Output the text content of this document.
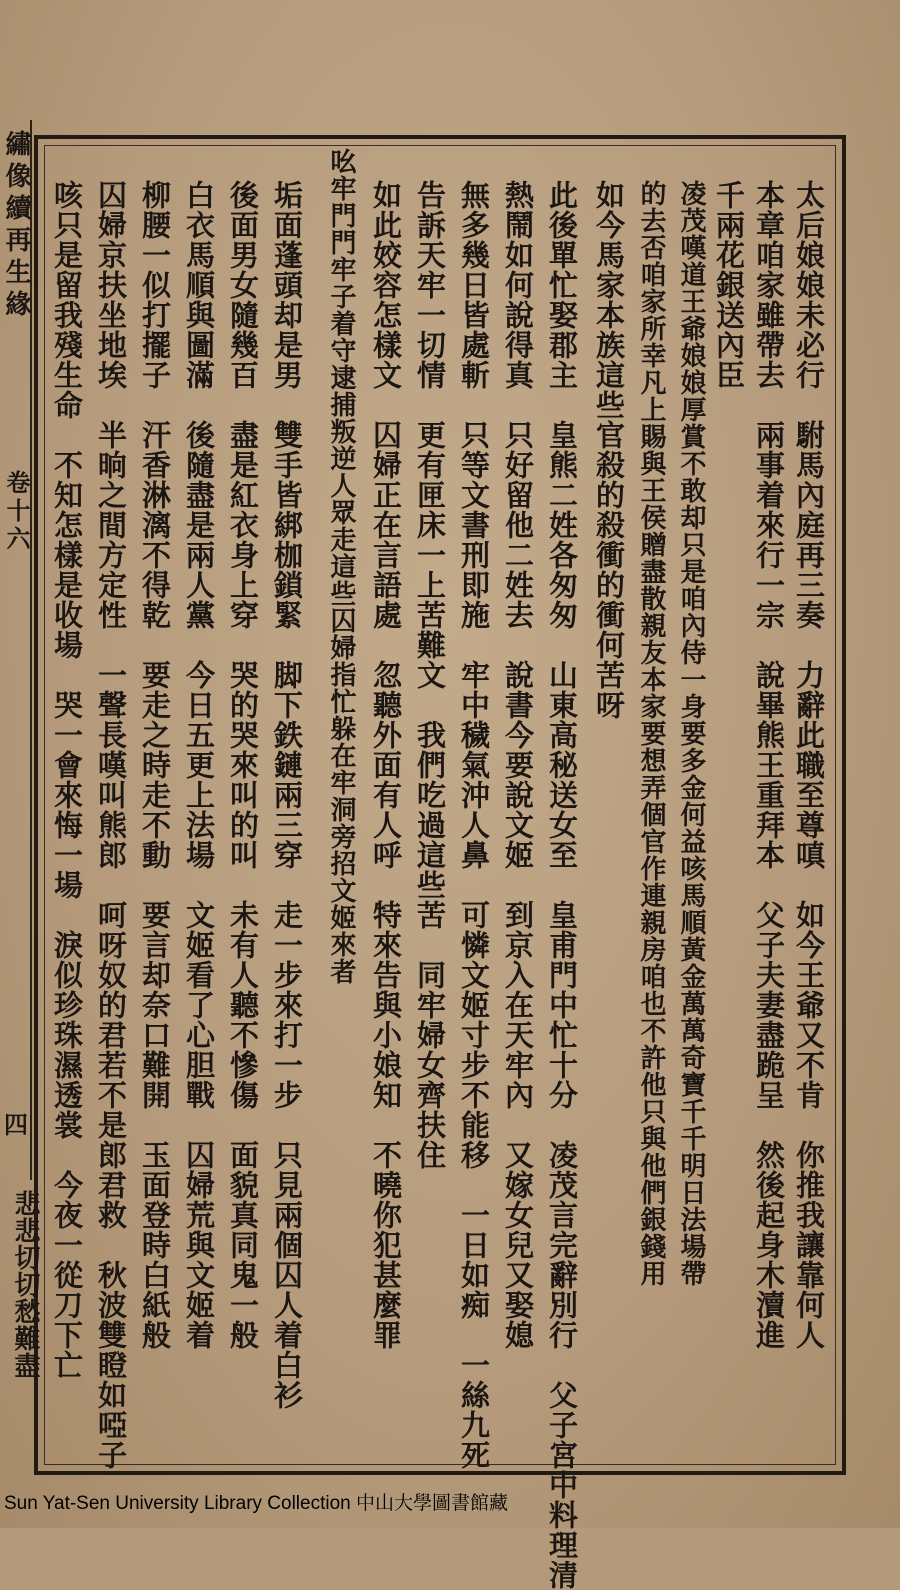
繡像續再生緣
卷十六
四	太后娘娘未必行　駙馬內庭再三奏　力辭此職至尊嗔　如今王爺又不肯　你推我讓靠何人
本章咱家雖帶去　兩事着來行一宗　說畢熊王重拜本　父子夫妻盡跪呈　然後起身木瀆進
千兩花銀送內臣
凌茂嘆道王爺娘娘厚賞不敢却只是咱內侍一身要多金何益咳馬順黃金萬萬奇寶千千明日法場帶
的去否咱家所幸凡上賜與王侯贈盡散親友本家要想弄個官作連親房咱也不許他只與他們銀錢用
如今馬家本族這些官殺的殺衝的衝何苦呀
此後單忙娶郡主　皇熊二姓各匆匆　山東高秘送女至　皇甫門中忙十分　凌茂言完辭別行　父子宮中料理清
熱鬧如何說得真　只好留他二姓去　說書今要說文姬　到京入在天牢內　又嫁女兒又娶媳
無多幾日皆處斬　只等文書刑即施　牢中穢氣沖人鼻　可憐文姬寸步不能移　一日如痴　一絲九死
告訴天牢一切情　更有匣床一上苦難文　我們吃過這些苦　同牢婦女齊扶住
如此姣容怎樣文　囚婦正在言語處　忽聽外面有人呼　特來告與小娘知　不曉你犯甚麼罪
吆牢門門牢子着守逮捕叛逆人眾走這些囚婦指忙躲在牢洞旁招文姬來者
垢面蓬頭却是男　雙手皆綁枷鎖緊　脚下鉄鏈兩三穿　走一步來打一步　只見兩個囚人着白衫
後面男女隨幾百　盡是紅衣身上穿　哭的哭來叫的叫　未有人聽不慘傷　面貌真同鬼一般
白衣馬順與圖滿　後隨盡是兩人黨　今日五更上法場　文姬看了心胆戰　囚婦荒與文姬着
柳腰一似打擺子　汗香淋漓不得乾　要走之時走不動　要言却奈口難開　玉面登時白紙般
囚婦京扶坐地埃　半晌之間方定性　一聲長嘆叫熊郎　呵呀奴的君若不是郎君救　秋波雙瞪如啞子
咳只是留我殘生命　不知怎樣是收場　哭一會來悔一場　淚似珍珠濕透裳　今夜一從刀下亡
悲悲切切愁難盡
Sun Yat-Sen University Library Collection 中山大學圖書館藏
